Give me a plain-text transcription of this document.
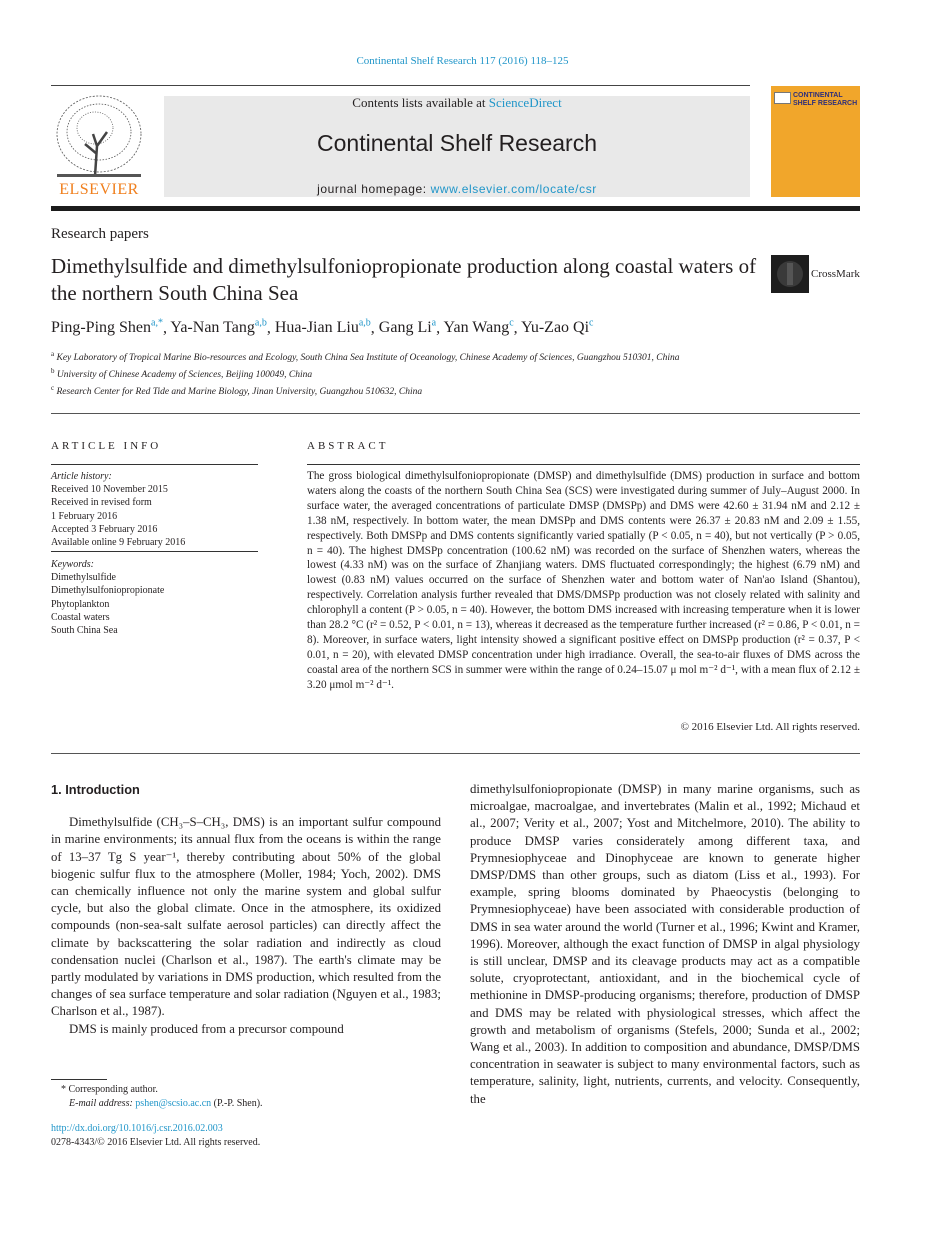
Continental Shelf Research 117 (2016) 118–125
ELSEVIER
Contents lists available at ScienceDirect
Continental Shelf Research
journal homepage: www.elsevier.com/locate/csr
CONTINENTAL SHELF RESEARCH
Research papers
Dimethylsulfide and dimethylsulfoniopropionate production along coastal waters of the northern South China Sea
CrossMark
Ping-Ping Shen$^{a,*}$, Ya-Nan Tang$^{a,b}$, Hua-Jian Liu$^{a,b}$, Gang Li$^a$, Yan Wang$^c$, Yu-Zao Qi$^c$
$^a$ Key Laboratory of Tropical Marine Bio-resources and Ecology, South China Sea Institute of Oceanology, Chinese Academy of Sciences, Guangzhou 510301, China
$^b$ University of Chinese Academy of Sciences, Beijing 100049, China
$^c$ Research Center for Red Tide and Marine Biology, Jinan University, Guangzhou 510632, China
ARTICLE INFO	ABSTRACT
Article history:
Received 10 November 2015
Received in revised form
1 February 2016
Accepted 3 February 2016
Available online 9 February 2016
Keywords:
Dimethylsulfide
Dimethylsulfoniopropionate
Phytoplankton
Coastal waters
South China Sea
The gross biological dimethylsulfoniopropionate (DMSP) and dimethylsulfide (DMS) production in surface and bottom waters along the coasts of the northern South China Sea (SCS) were investigated during summer of July–August 2000. In surface water, the averaged concentrations of particulate DMSP (DMSPp) and DMS were 42.60 ± 31.94 nM and 2.12 ± 1.38 nM, respectively. In bottom water, the mean DMSPp and DMS contents were 26.37 ± 20.83 nM and 2.09 ± 1.55, respectively. Both DMSPp and DMS contents significantly varied spatially (P < 0.05, n = 40), but not vertically (P > 0.05, n = 40). The highest DMSPp concentration (100.62 nM) was recorded on the surface of Shenzhen waters, whereas the lowest (4.33 nM) was on the surface of Zhanjiang waters. DMS fluctuated correspondingly; the highest (6.79 nM) and lowest (0.83 nM) values occurred on the surface of Shenzhen water and bottom water of Nan'ao Island (Shantou), respectively. Correlation analysis further revealed that DMS/DMSPp production was not closely related with salinity and chlorophyll a content (P > 0.05, n = 40). However, the bottom DMS increased with increasing temperature when it is lower than 28.2 °C (r² = 0.52, P < 0.01, n = 13), whereas it decreased as the temperature further increased (r² = 0.86, P < 0.01, n = 8). Moreover, in surface waters, light intensity showed a significant positive effect on DMSPp production (r² = 0.37, P < 0.01, n = 20), with elevated DMSP concentration under high irradiance. Overall, the sea-to-air fluxes of DMS across the coastal area of the northern SCS in summer were within the range of 0.24–15.07 μ mol m⁻² d⁻¹, with a mean flux of 2.12 ± 3.20 μmol m⁻² d⁻¹.
© 2016 Elsevier Ltd. All rights reserved.
1. Introduction

Dimethylsulfide (CH₃–S–CH₃, DMS) is an important sulfur compound in marine environments; its annual flux from the oceans is within the range of 13–37 Tg S year⁻¹, thereby contributing about 50% of the global biogenic sulfur flux to the atmosphere (Moller, 1984; Yoch, 2002). DMS can chemically influence not only the marine system and global sulfur cycle, but also the global climate. Once in the atmosphere, its oxidized compounds (non-sea-salt sulfate aerosol particles) can directly affect the climate by backscattering the solar radiation and indirectly as cloud condensation nuclei (Charlson et al., 1987). The earth's climate may be partly modulated by variations in DMS production, which resulted from the changes of sea surface temperature and solar radiation (Nguyen et al., 1983; Charlson et al., 1987).

DMS is mainly produced from a precursor compound

dimethylsulfoniopropionate (DMSP) in many marine organisms, such as microalgae, macroalgae, and invertebrates (Malin et al., 1992; Michaud et al., 2007; Verity et al., 2007; Yost and Mitchelmore, 2010). The ability to produce DMSP varies considerately among different taxa, and Prymnesiophyceae and Dinophyceae are known to generate higher DMSP/DMS than other groups, such as diatom (Liss et al., 1993). For example, spring blooms dominated by Phaeocystis (belonging to Prymnesiophyceae) have been associated with considerable production of DMS in sea water around the world (Turner et al., 1996; Kwint and Kramer, 1996). Moreover, although the exact function of DMSP in algal physiology is still unclear, DMSP and its cleavage products may act as a compatible solute, cryoprotectant, antioxidant, and in the biochemical cycle of methionine in DMSP-producing organisms; therefore, production of DMSP and DMS may be related with physiological stresses, which affect the growth and metabolism of organisms (Stefels, 2000; Sunda et al., 2002; Wang et al., 2003). In addition to composition and abundance, DMSP/DMS concentration in seawater is subject to many environmental factors, such as temperature, salinity, light, nutrients, currents, and velocity. Consequently, the

* Corresponding author.
E-mail address: pshen@scsio.ac.cn (P.-P. Shen).
http://dx.doi.org/10.1016/j.csr.2016.02.003
0278-4343/© 2016 Elsevier Ltd. All rights reserved.
